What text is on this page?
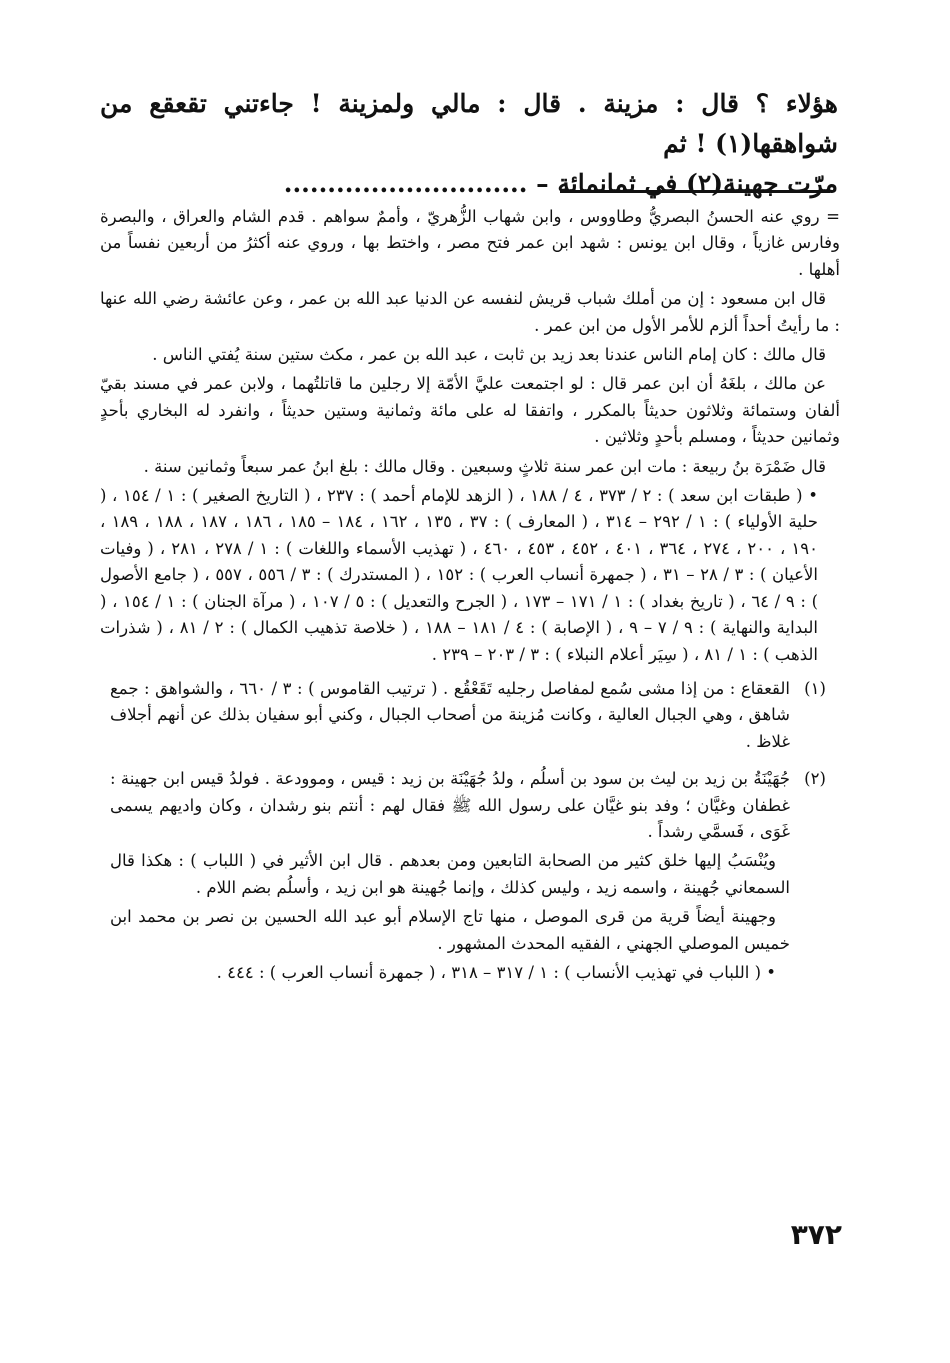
هؤلاء ؟ قال : مزينة . قال : مالي ولمزينة ! جاءتني تقعقع من شواهقها(١) ! ثم

مرّت جهينة(٢) في ثمانمائة – ............................

= روي عنه الحسنُ البصريُّ وطاووس ، وابن شهاب الزُّهريّ ، وأممٌ سواهم . قدم الشام والعراق ، والبصرة وفارس غازياً ، وقال ابن يونس : شهد ابن عمر فتح مصر ، واختط بها ، وروي عنه أكثرُ من أربعين نفساً من أهلها .

قال ابن مسعود : إن من أملك شباب قريش لنفسه عن الدنيا عبد الله بن عمر ، وعن عائشة رضي الله عنها : ما رأيتُ أحداً ألزم للأمر الأول من ابن عمر .

قال مالك : كان إمام الناس عندنا بعد زيد بن ثابت ، عبد الله بن عمر ، مكث ستين سنة يُفتي الناس .

عن مالك ، بلغَهُ أن ابن عمر قال : لو اجتمعت عليَّ الأمّة إلا رجلين ما قاتلتُهما ، ولابن عمر في مسند بقيّ ألفان وستمائة وثلاثون حديثاً بالمكرر ، واتفقا له على مائة وثمانية وستين حديثاً ، وانفرد له البخاري بأحدٍ وثمانين حديثاً ، ومسلم بأحدٍ وثلاثين .

قال ضَمْرَة بنُ ربيعة : مات ابن عمر سنة ثلاثٍ وسبعين . وقال مالك : بلغ ابنُ عمر سبعاً وثمانين سنة .

• ( طبقات ابن سعد ) : ٢ / ٣٧٣ ، ٤ / ١٨٨ ، ( الزهد للإمام أحمد ) : ٢٣٧ ، ( التاريخ الصغير ) : ١ / ١٥٤ ، ( حلية الأولياء ) : ١ / ٢٩٢ – ٣١٤ ، ( المعارف ) : ٣٧ ، ١٣٥ ، ١٦٢ ، ١٨٤ – ١٨٥ ، ١٨٦ ، ١٨٧ ، ١٨٨ ، ١٨٩ ، ١٩٠ ، ٢٠٠ ، ٢٧٤ ، ٣٦٤ ، ٤٠١ ، ٤٥٢ ، ٤٥٣ ، ٤٦٠ ، ( تهذيب الأسماء واللغات ) : ١ / ٢٧٨ ، ٢٨١ ، ( وفيات الأعيان ) : ٣ / ٢٨ – ٣١ ، ( جمهرة أنساب العرب ) : ١٥٢ ، ( المستدرك ) : ٣ / ٥٥٦ ، ٥٥٧ ، ( جامع الأصول ) : ٩ / ٦٤ ، ( تاريخ بغداد ) : ١ / ١٧١ – ١٧٣ ، ( الجرح والتعديل ) : ٥ / ١٠٧ ، ( مرآة الجنان ) : ١ / ١٥٤ ، ( البداية والنهاية ) : ٩ / ٧ – ٩ ، ( الإصابة ) : ٤ / ١٨١ – ١٨٨ ، ( خلاصة تذهيب الكمال ) : ٢ / ٨١ ، ( شذرات الذهب ) : ١ / ٨١ ، ( سِيَر أعلام النبلاء ) : ٣ / ٢٠٣ – ٢٣٩ .

(١)

القعقاع : من إذا مشى سُمع لمفاصل رجليه تَقَعْقُع . ( ترتيب القاموس ) : ٣ / ٦٦٠ ، والشواهق : جمع شاهق ، وهي الجبال العالية ، وكانت مُزينة من أصحاب الجبال ، وكني أبو سفيان بذلك عن أنهم أجلاف غلاظ .

(٢)

جُهَيْنَةُ بن زيد بن ليث بن سود بن أسلُم ، ولدُ جُهَيْنَة بن زيد : قيس ، وموودعة . فولدُ قيس ابن جهينة : غطفان وغيَّان ؛ وفد بنو غيَّان على رسول الله ﷺ فقال لهم : أنتم بنو رشدان ، وكان واديهم يسمى غَوَى ، فَسمَّي رشداً .

ويُنْسَبُ إليها خلق كثير من الصحابة التابعين ومن بعدهم . قال ابن الأثير في ( اللباب ) : هكذا قال السمعاني جُهينة ، واسمه زيد ، وليس كذلك ، وإنما جُهينة هو ابن زيد ، وأسلُم بضم اللام .

وجهينة أيضاً قرية من قرى الموصل ، منها تاج الإسلام أبو عبد الله الحسين بن نصر بن محمد ابن خميس الموصلي الجهني ، الفقيه المحدث المشهور .

• ( اللباب في تهذيب الأنساب ) : ١ / ٣١٧ – ٣١٨ ، ( جمهرة أنساب العرب ) : ٤٤٤ .

٣٧٢
